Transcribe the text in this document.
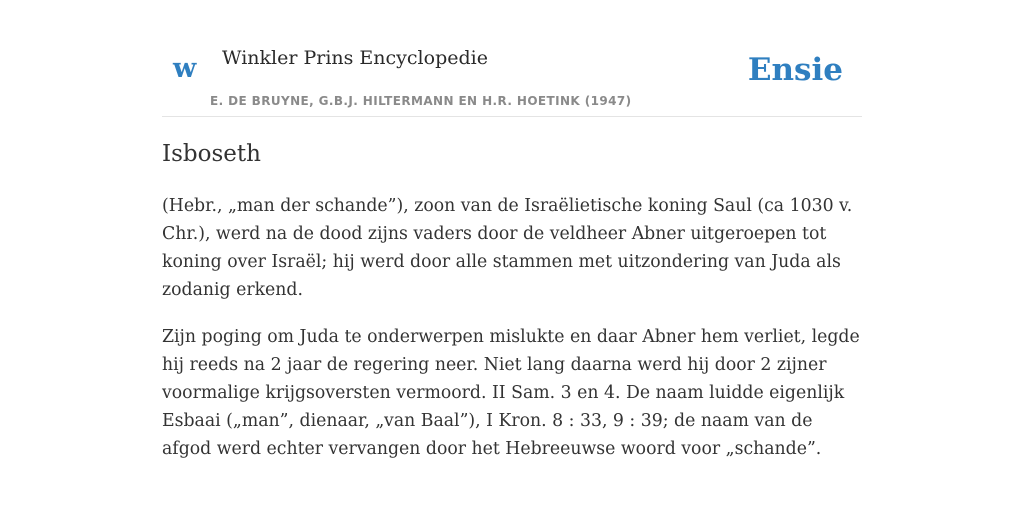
w Winkler Prins Encyclopedie
E. DE BRUYNE, G.B.J. HILTERMANN EN H.R. HOETINK (1947)
Ensie
Isboseth

(Hebr., „man der schande”), zoon van de Israëlietische koning Saul (ca 1030 v. Chr.), werd na de dood zijns vaders door de veldheer Abner uitgeroepen tot koning over Israël; hij werd door alle stammen met uitzondering van Juda als zodanig erkend.

Zijn poging om Juda te onderwerpen mislukte en daar Abner hem verliet, legde hij reeds na 2 jaar de regering neer. Niet lang daarna werd hij door 2 zijner voormalige krijgsoversten vermoord. II Sam. 3 en 4. De naam luidde eigenlijk Esbaai („man”, dienaar, „van Baal”), I Kron. 8 : 33, 9 : 39; de naam van de afgod werd echter vervangen door het Hebreeuwse woord voor „schande”.
